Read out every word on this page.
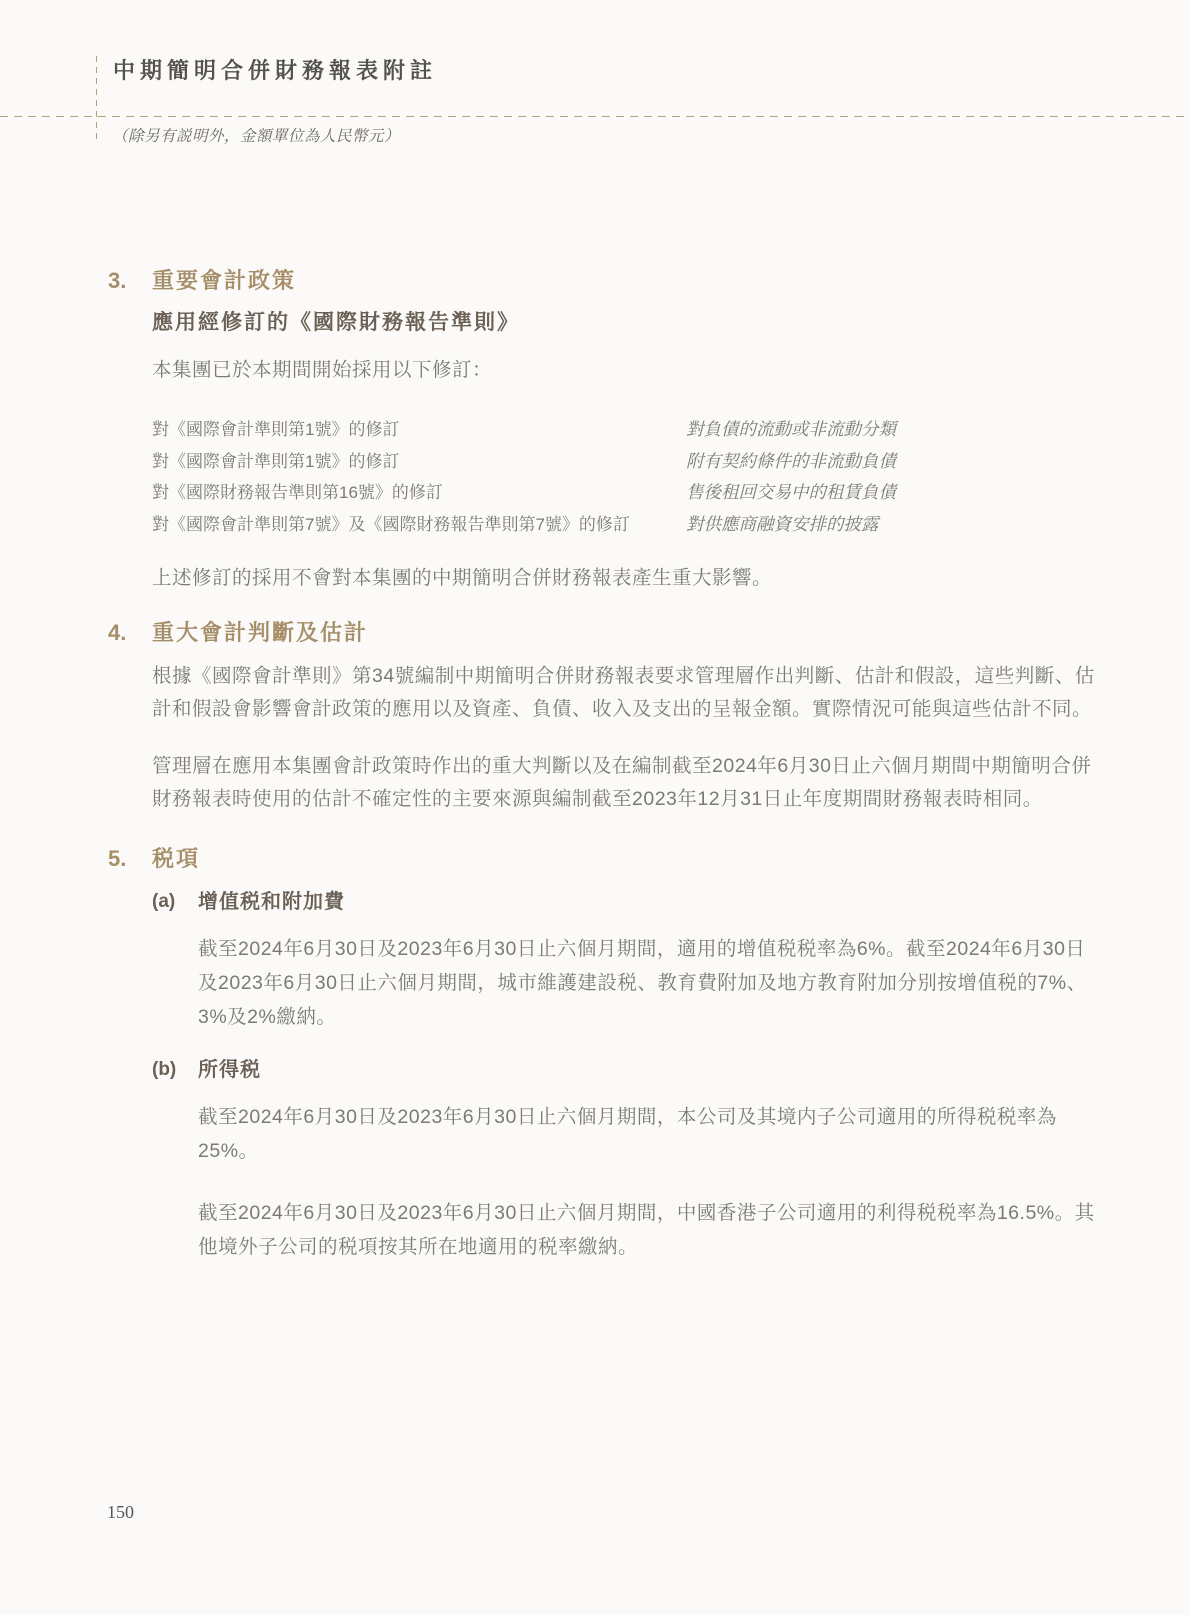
中期簡明合併財務報表附註
（除另有説明外，金額單位為人民幣元）
3.	重要會計政策
應用經修訂的《國際財務報告準則》

本集團已於本期間開始採用以下修訂：

對《國際會計準則第1號》的修訂	對負債的流動或非流動分類
對《國際會計準則第1號》的修訂	附有契約條件的非流動負債
對《國際財務報告準則第16號》的修訂	售後租回交易中的租賃負債
對《國際會計準則第7號》及《國際財務報告準則第7號》的修訂	對供應商融資安排的披露

上述修訂的採用不會對本集團的中期簡明合併財務報表產生重大影響。

4.	重大會計判斷及估計

根據《國際會計準則》第34號編制中期簡明合併財務報表要求管理層作出判斷、估計和假設，這些判斷、估計和假設會影響會計政策的應用以及資產、負債、收入及支出的呈報金額。實際情況可能與這些估計不同。

管理層在應用本集團會計政策時作出的重大判斷以及在編制截至2024年6月30日止六個月期間中期簡明合併財務報表時使用的估計不確定性的主要來源與編制截至2023年12月31日止年度期間財務報表時相同。

5.	税項
(a)	增值税和附加費

截至2024年6月30日及2023年6月30日止六個月期間，適用的增值税税率為6%。截至2024年6月30日及2023年6月30日止六個月期間，城市維護建設税、教育費附加及地方教育附加分別按增值税的7%、3%及2%繳納。

(b)	所得税

截至2024年6月30日及2023年6月30日止六個月期間，本公司及其境内子公司適用的所得税税率為25%。

截至2024年6月30日及2023年6月30日止六個月期間，中國香港子公司適用的利得税税率為16.5%。其他境外子公司的税項按其所在地適用的税率繳納。

150
